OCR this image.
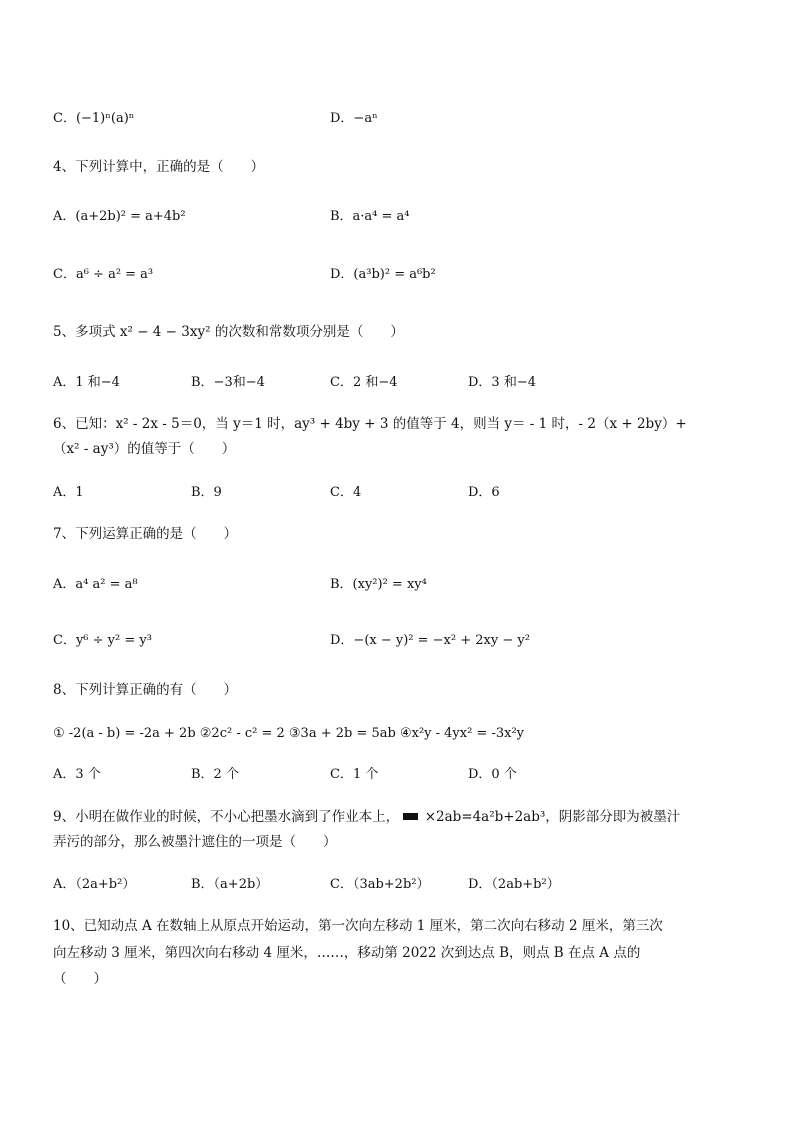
C．(−1)ⁿ(a)ⁿ	D．−aⁿ
4、下列计算中，正确的是（　　）
A．(a+2b)² = a+4b²	B．a·a⁴ = a⁴
C．a⁶ ÷ a² = a³	D．(a³b)² = a⁶b²
5、多项式 x² − 4 − 3xy² 的次数和常数项分别是（　　）
A．1 和−4	B．−3和−4	C．2 和−4	D．3 和−4
6、已知：x² - 2x - 5＝0，当 y＝1 时，ay³ + 4by + 3 的值等于 4，则当 y＝ - 1 时，- 2（x + 2by）+
（x² - ay³）的值等于（　　）
A．1	B．9	C．4	D．6
7、下列运算正确的是（　　）
A．a⁴ a² = a⁸	B．(xy²)² = xy⁴
C．y⁶ ÷ y² = y³	D．−(x − y)² = −x² + 2xy − y²
8、下列计算正确的有（　　）
① -2(a - b) = -2a + 2b ②2c² - c² = 2 ③3a + 2b = 5ab ④x²y - 4yx² = -3x²y
A．3 个	B．2 个	C．1 个	D．0 个
9、小明在做作业的时候，不小心把墨水滴到了作业本上， ×2ab=4a²b+2ab³，阴影部分即为被墨汁
弄污的部分，那么被墨汁遮住的一项是（　　）
A．（2a+b²）	B．（a+2b）	C．（3ab+2b²）	D．（2ab+b²）
10、已知动点 A 在数轴上从原点开始运动，第一次向左移动 1 厘米，第二次向右移动 2 厘米，第三次
向左移动 3 厘米，第四次向右移动 4 厘米，……，移动第 2022 次到达点 B，则点 B 在点 A 点的
（　　）
